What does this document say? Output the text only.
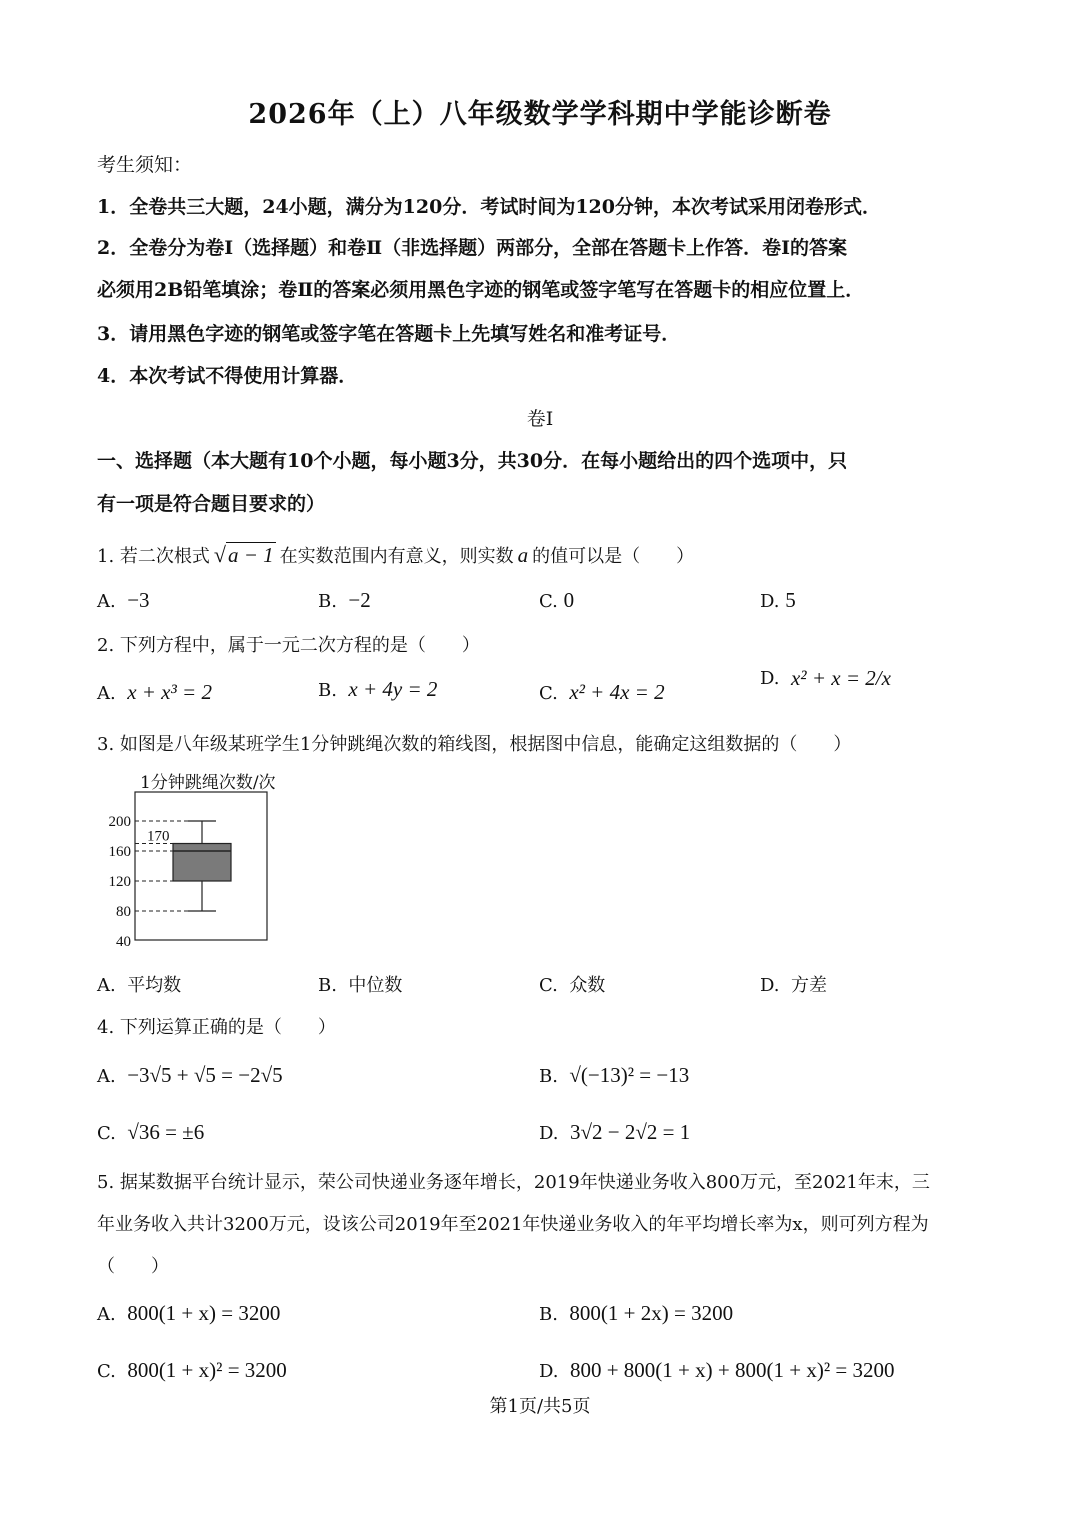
2026年（上）八年级数学学科期中学能诊断卷
考生须知：
1．全卷共三大题，24小题，满分为120分．考试时间为120分钟，本次考试采用闭卷形式．
2．全卷分为卷Ⅰ（选择题）和卷Ⅱ（非选择题）两部分，全部在答题卡上作答．卷Ⅰ的答案
必须用2B铅笔填涂；卷Ⅱ的答案必须用黑色字迹的钢笔或签字笔写在答题卡的相应位置上．
3．请用黑色字迹的钢笔或签字笔在答题卡上先填写姓名和准考证号．
4．本次考试不得使用计算器．
卷Ⅰ
一、选择题（本大题有10个小题，每小题3分，共30分．在每小题给出的四个选项中，只
有一项是符合题目要求的）
1. 若二次根式 √ a − 1 在实数范围内有意义，则实数 a 的值可以是（　　）
A. −3	B. −2	C. 0	D. 5
2. 下列方程中，属于一元二次方程的是（　　）
A. x + x³ = 2	B. x + 4y = 2	C. x² + 4x = 2
D.
x² + x = 2/x
3. 如图是八年级某班学生1分钟跳绳次数的箱线图，根据图中信息，能确定这组数据的（　　）
1分钟跳绳次数/次
200
160
120
80
40
170
A. 平均数	B. 中位数	C. 众数	D. 方差
4. 下列运算正确的是（　　）
A. −3√5 + √5 = −2√5	B. √(−13)² = −13
C. √36 = ±6	D. 3√2 − 2√2 = 1
5. 据某数据平台统计显示，荣公司快递业务逐年增长，2019年快递业务收入800万元，至2021年末，三
年业务收入共计3200万元，设该公司2019年至2021年快递业务收入的年平均增长率为x，则可列方程为
（　　）
A. 800(1 + x) = 3200	B. 800(1 + 2x) = 3200
C. 800(1 + x)² = 3200	D. 800 + 800(1 + x) + 800(1 + x)² = 3200
第1页/共5页
